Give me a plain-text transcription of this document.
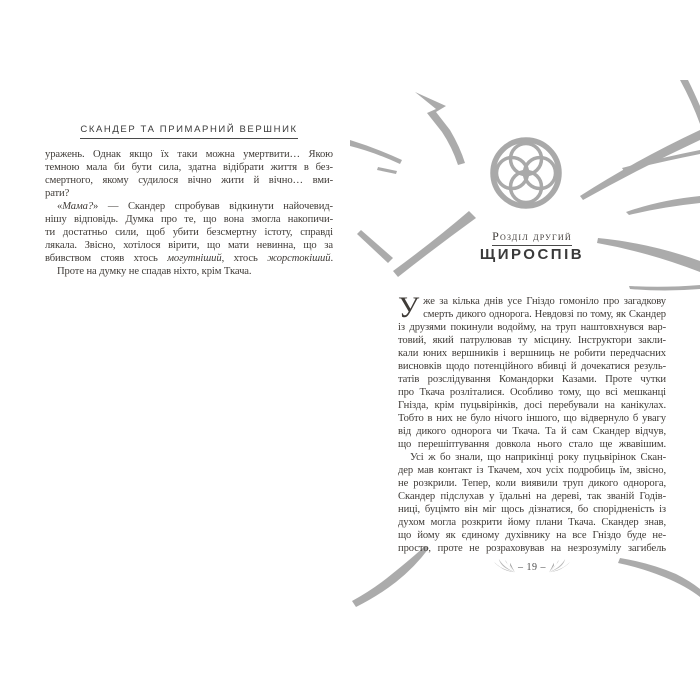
СКАНДЕР ТА ПРИМАРНИЙ ВЕРШНИК
уражень. Однак якщо їх таки можна умертвити… Якою
темною мала би бути сила, здатна відібрати життя в без-
смертного, якому судилося вічно жити й вічно… вми-
рати?
«Мама?» — Скандер спробував відкинути найочевид-
нішу відповідь. Думка про те, що вона змогла накопичи-
ти достатньо сили, щоб убити безсмертну істоту, справді
лякала. Звісно, хотілося вірити, що мати невинна, що за
вбивством стояв хтось могутніший, хтось жорстокіший.
Проте на думку не спадав ніхто, крім Ткача.
Розділ другий
ЩИРОСПІВ
У же за кілька днів усе Гніздо гомоніло про загадкову
смерть дикого однорога. Невдовзі по тому, як Скандер
із друзями покинули водойму, на труп наштовхнувся вар-
товий, який патрулював ту місцину. Інструктори закли-
кали юних вершників і вершниць не робити передчасних
висновків щодо потенційного вбивці й дочекатися резуль-
татів розслідування Командорки Казами. Проте чутки
про Ткача розліталися. Особливо тому, що всі мешканці
Гнізда, крім пуцьвірінків, досі перебували на канікулах.
Тобто в них не було нічого іншого, що відвернуло б увагу
від дикого однорога чи Ткача. Та й сам Скандер відчув,
що перешіптування довкола нього стало ще жвавішим.
Усі ж бо знали, що наприкінці року пуцьвірінок Скан-
дер мав контакт із Ткачем, хоч усіх подробиць їм, звісно,
не розкрили. Тепер, коли виявили труп дикого однорога,
Скандер підслухав у їдальні на дереві, так званій Годів-
ниці, буцімто він міг щось дізнатися, бо спорідненість із
духом могла розкрити йому плани Ткача. Скандер знав,
що йому як єдиному духівнику на все Гніздо буде не-
просто, проте не розраховував на незрозумілу загибель
– 19 –
